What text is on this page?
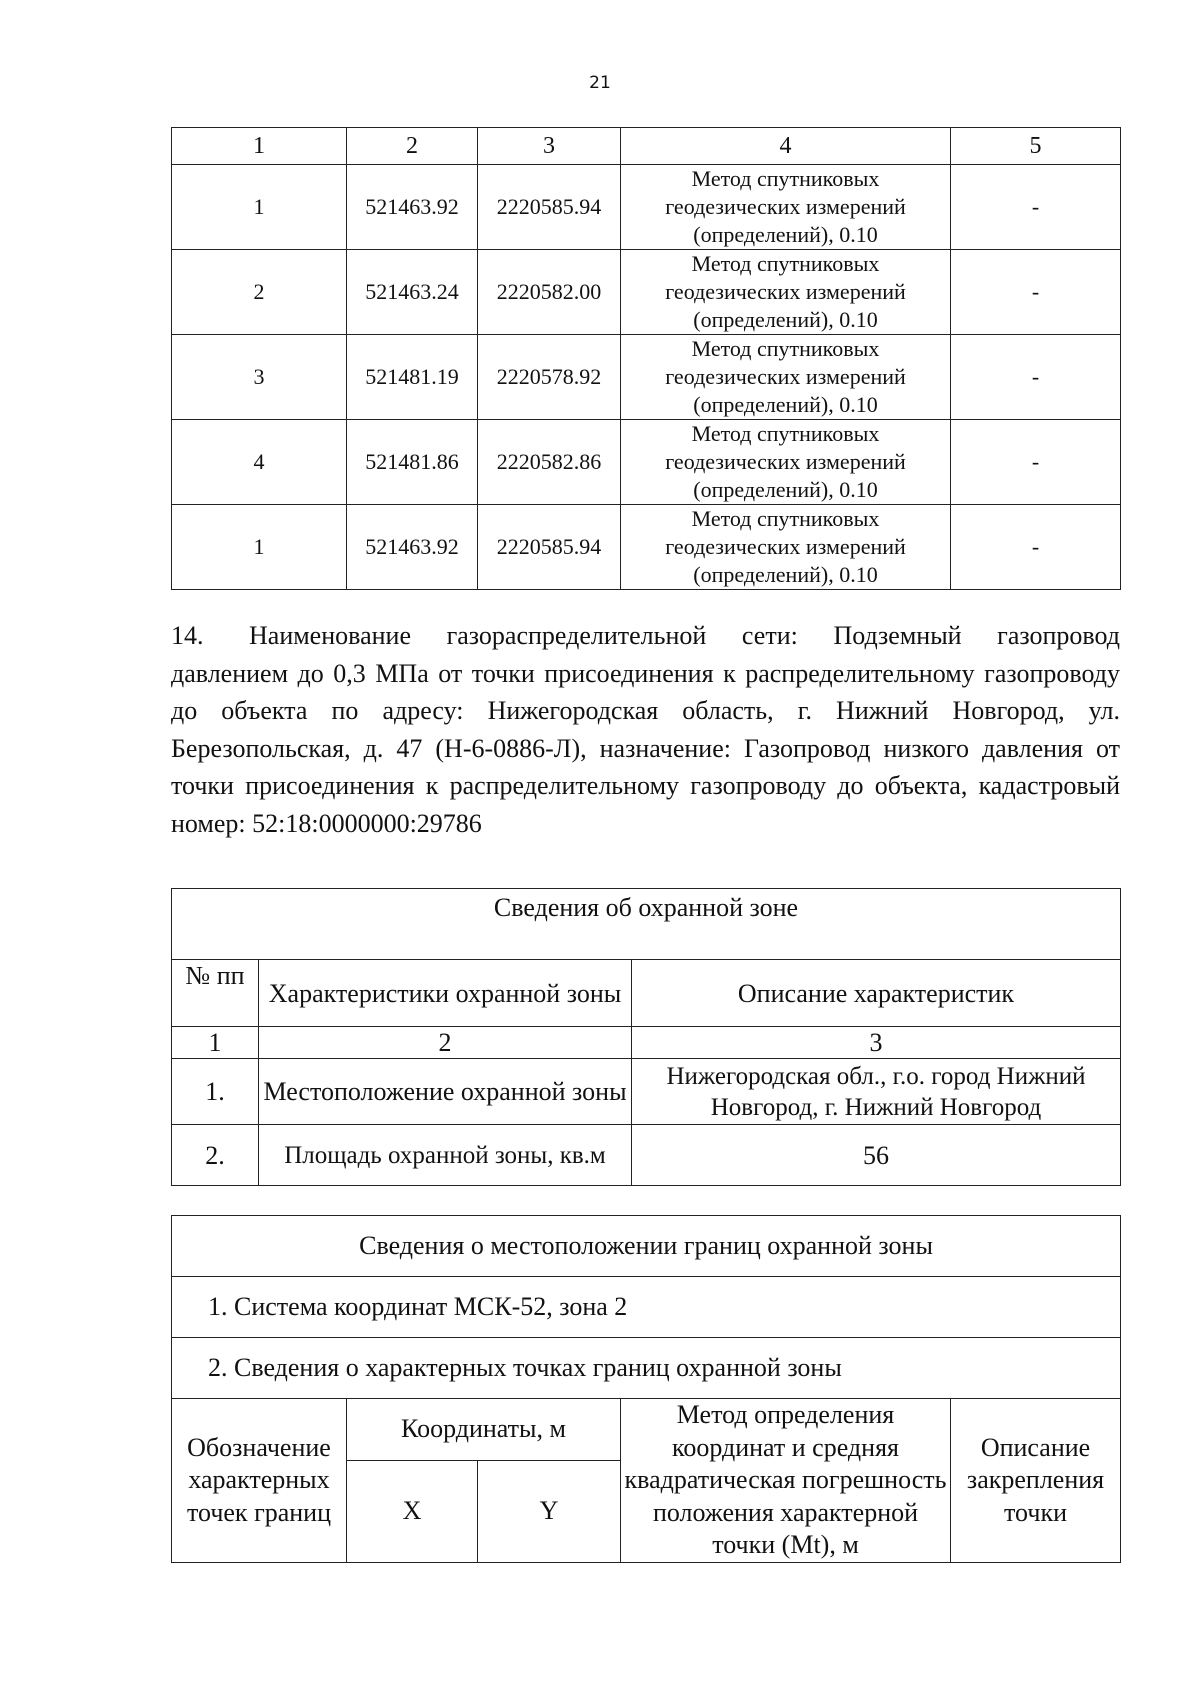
21
1	2	3	4	5
1	521463.92	2220585.94	Метод спутниковых
геодезических измерений
(определений), 0.10	-
2	521463.24	2220582.00	Метод спутниковых
геодезических измерений
(определений), 0.10	-
3	521481.19	2220578.92	Метод спутниковых
геодезических измерений
(определений), 0.10	-
4	521481.86	2220582.86	Метод спутниковых
геодезических измерений
(определений), 0.10	-
1	521463.92	2220585.94	Метод спутниковых
геодезических измерений
(определений), 0.10	-

14. Наименование газораспределительной сети: Подземный газопровод давлением до 0,3 МПа от точки присоединения к распределительному газопроводу до объекта по адресу: Нижегородская область, г. Нижний Новгород, ул. Березопольская, д. 47 (Н-6-0886-Л), назначение: Газопровод низкого давления от точки присоединения к распределительному газопроводу до объекта, кадастровый номер: 52:18:0000000:29786

Сведения об охранной зоне		
№ пп	Характеристики охранной зоны	Описание характеристик
1	2	3
1.	Местоположение охранной зоны	Нижегородская обл., г.о. город Нижний Новгород, г. Нижний Новгород
2.	Площадь охранной зоны, кв.м	56
Сведения о местоположении границ охранной зоны				
1. Система координат МСК-52, зона 2				
2. Сведения о характерных точках границ охранной зоны				
Обозначение характерных точек границ	Координаты, м		Метод определения координат и средняя квадратическая погрешность положения характерной точки (Mt), м	Описание закрепления точки
	X	Y		
